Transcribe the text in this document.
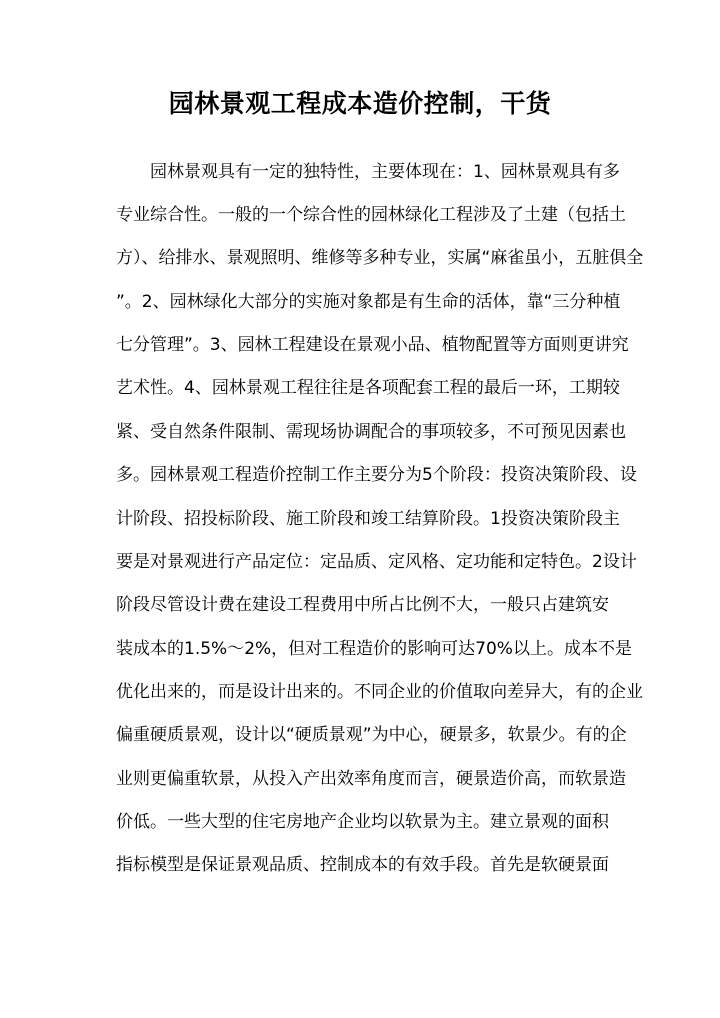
园林景观工程成本造价控制，干货
园林景观具有一定的独特性，主要体现在：1、园林景观具有多
专业综合性。一般的一个综合性的园林绿化工程涉及了土建（包括土
方）、给排水、景观照明、维修等多种专业，实属“麻雀虽小，五脏俱全
”。2、园林绿化大部分的实施对象都是有生命的活体，靠“三分种植
七分管理”。3、园林工程建设在景观小品、植物配置等方面则更讲究
艺术性。4、园林景观工程往往是各项配套工程的最后一环，工期较
紧、受自然条件限制、需现场协调配合的事项较多，不可预见因素也
多。园林景观工程造价控制工作主要分为5个阶段：投资决策阶段、设
计阶段、招投标阶段、施工阶段和竣工结算阶段。1投资决策阶段主
要是对景观进行产品定位：定品质、定风格、定功能和定特色。2设计
阶段尽管设计费在建设工程费用中所占比例不大，一般只占建筑安
装成本的1.5%～2%，但对工程造价的影响可达70%以上。成本不是
优化出来的，而是设计出来的。不同企业的价值取向差异大，有的企业
偏重硬质景观，设计以“硬质景观”为中心，硬景多，软景少。有的企
业则更偏重软景，从投入产出效率角度而言，硬景造价高，而软景造
价低。一些大型的住宅房地产企业均以软景为主。建立景观的面积
指标模型是保证景观品质、控制成本的有效手段。首先是软硬景面
